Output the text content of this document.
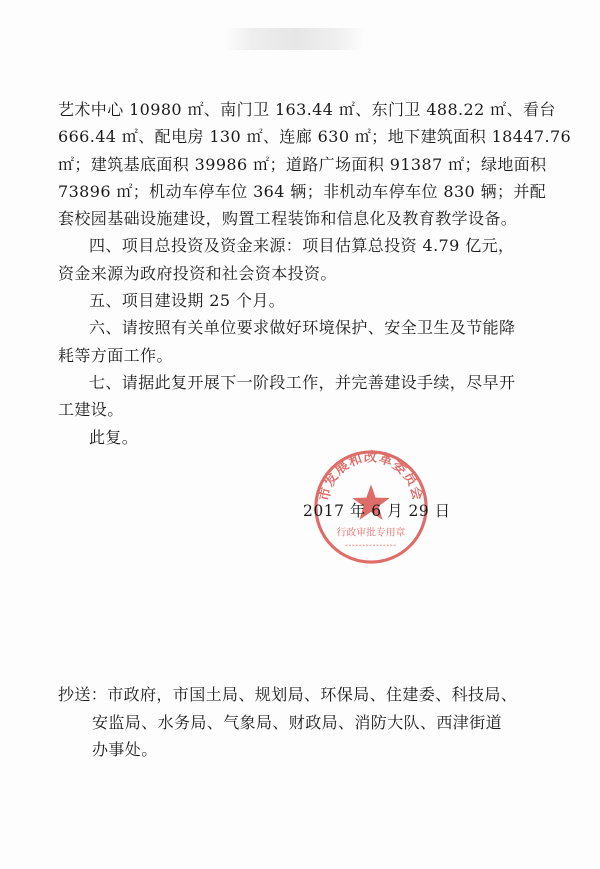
艺术中心 10980 ㎡、南门卫 163.44 ㎡、东门卫 488.22 ㎡、看台
666.44 ㎡、配电房 130 ㎡、连廊 630 ㎡；地下建筑面积 18447.76
㎡；建筑基底面积 39986 ㎡；道路广场面积 91387 ㎡；绿地面积
73896 ㎡；机动车停车位 364 辆；非机动车停车位 830 辆；并配
套校园基础设施建设，购置工程装饰和信息化及教育教学设备。
四、项目总投资及资金来源：项目估算总投资 4.79 亿元，
资金来源为政府投资和社会资本投资。
五、项目建设期 25 个月。
六、请按照有关单位要求做好环境保护、安全卫生及节能降
耗等方面工作。
七、请据此复开展下一阶段工作，并完善建设手续，尽早开
工建设。
此复。
市发展和改革委员会
行政审批专用章
2017 年 6 月 29 日
抄送：市政府，市国土局、规划局、环保局、住建委、科技局、
安监局、水务局、气象局、财政局、消防大队、西津街道
办事处。
